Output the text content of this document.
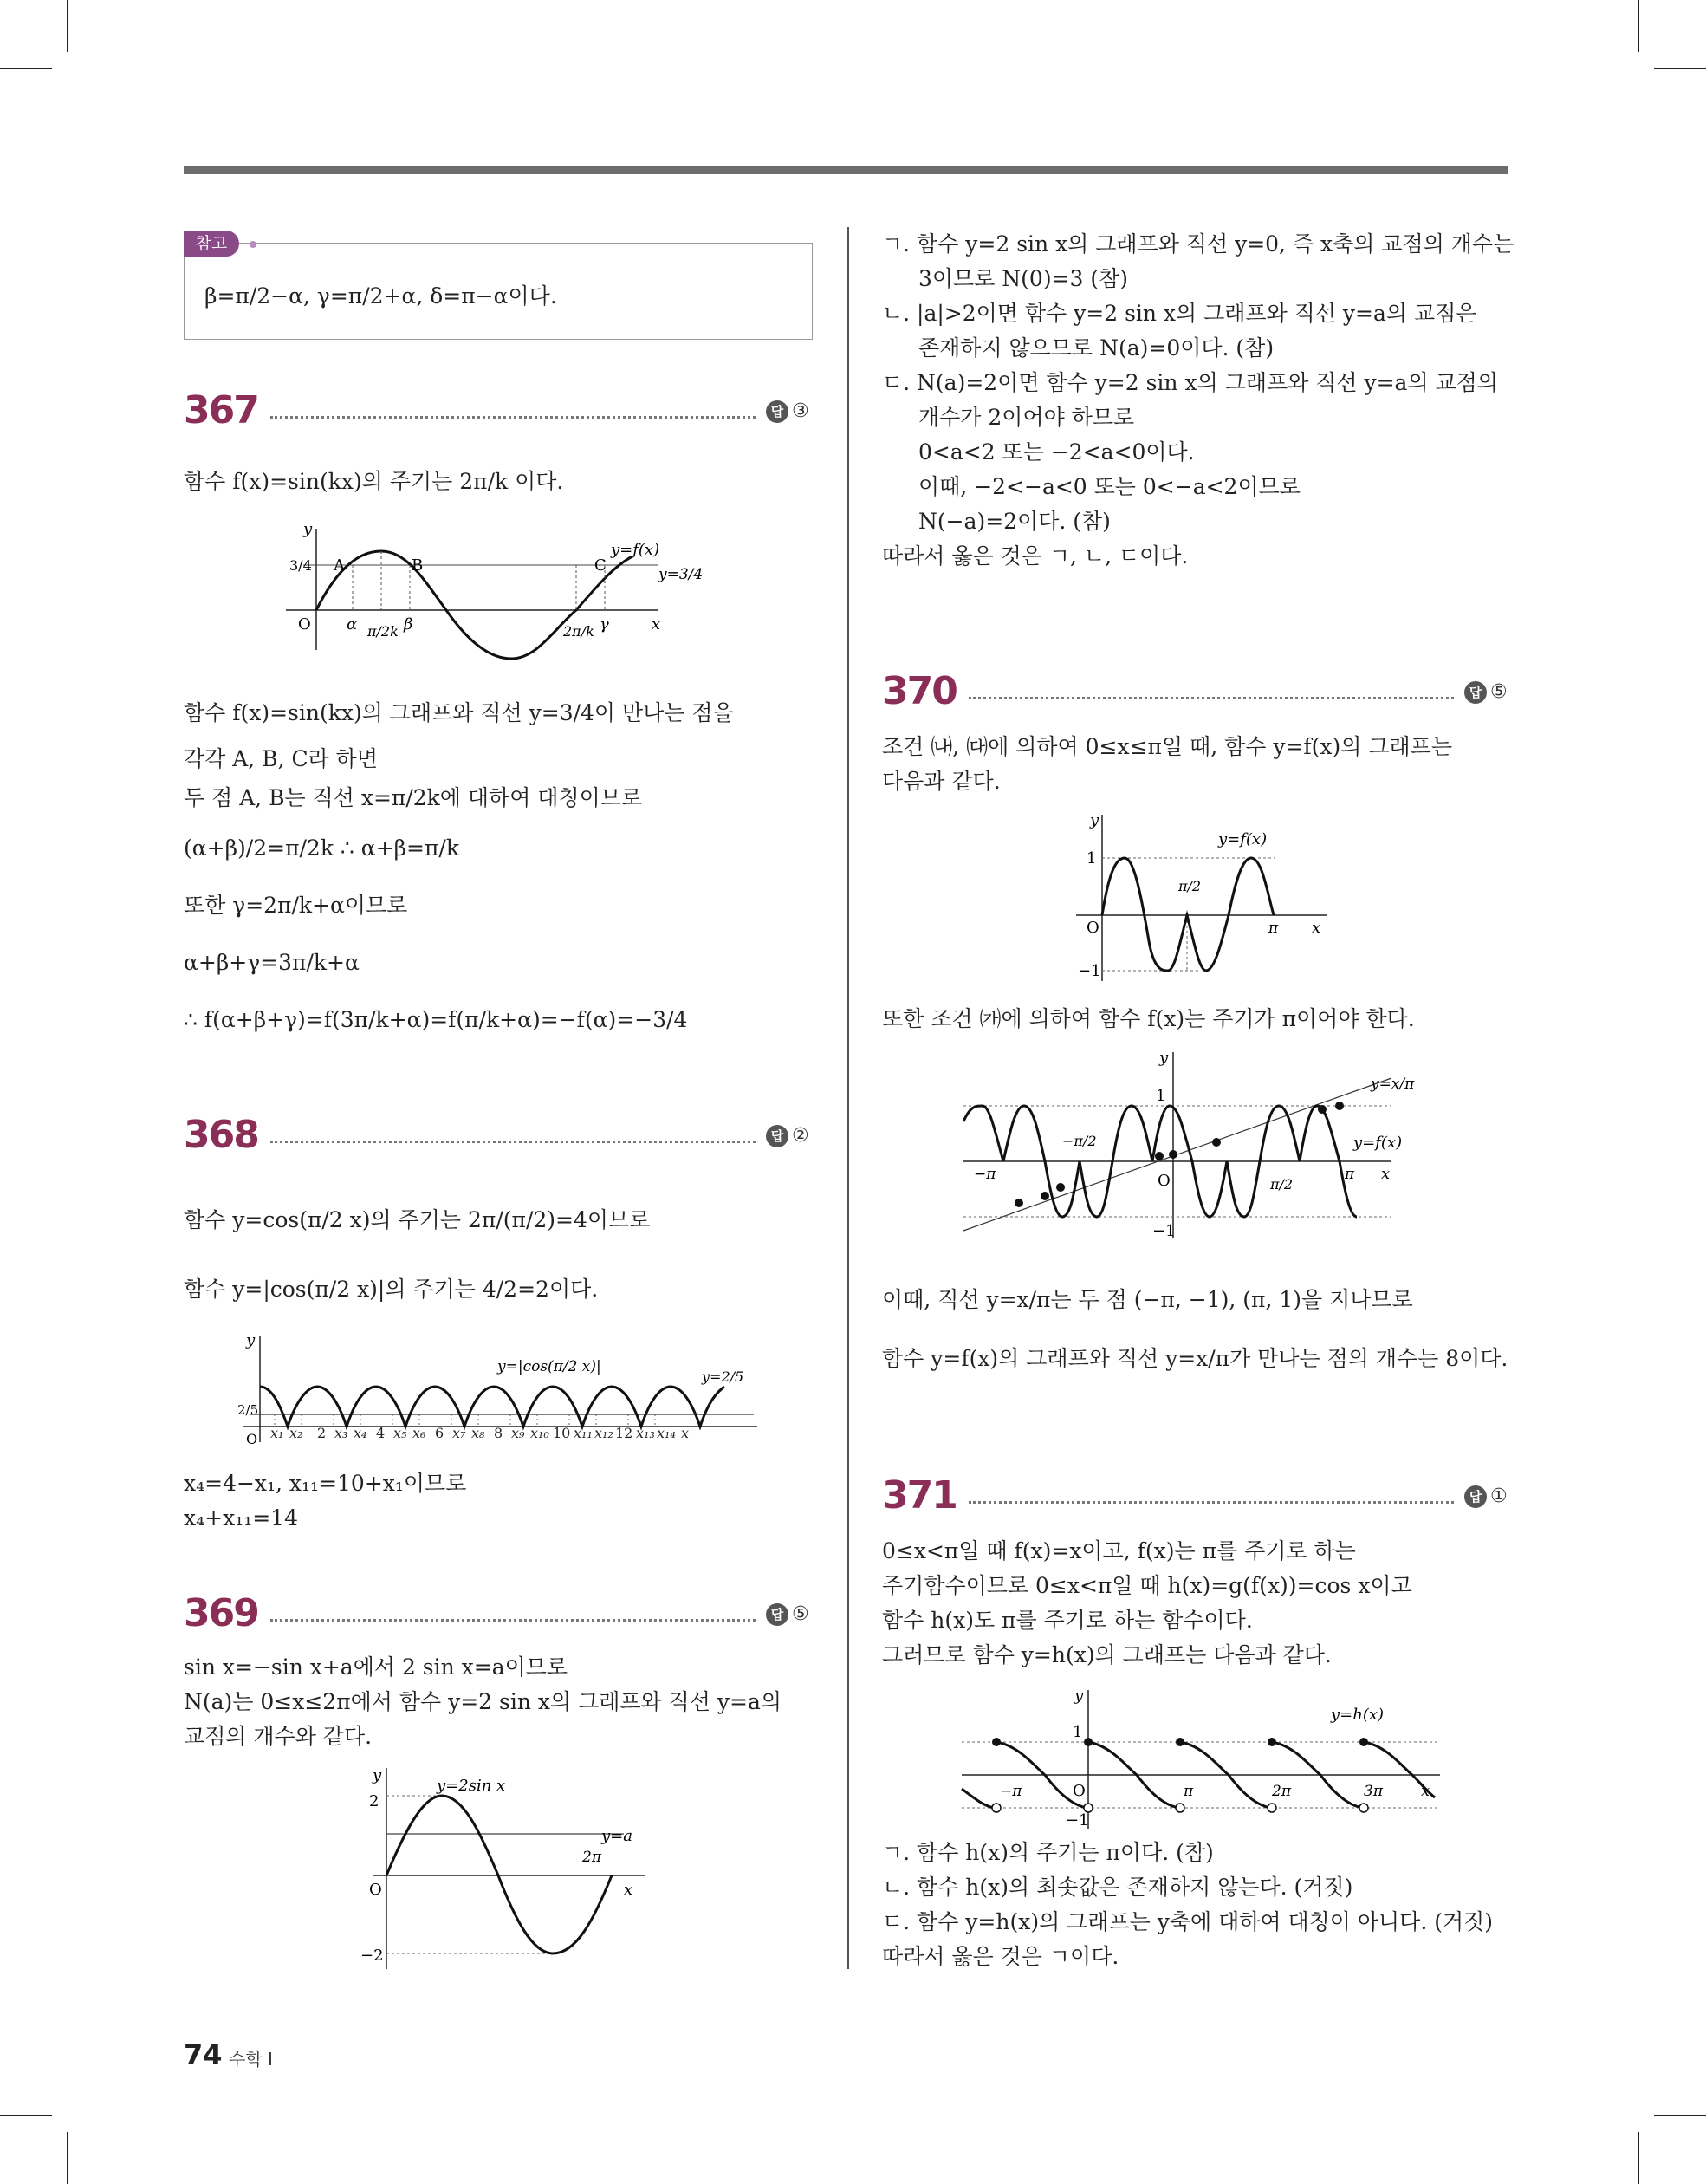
참고
β=π/2−α, γ=π/2+α, δ=π−α이다.
367	답 ③
함수 f(x)=sin(kx)의 주기는 2π/k 이다.
y
3/4 A	B	C
y=f(x)
y=3/4
O α π/2k β	2π/k γ	x
함수 f(x)=sin(kx)의 그래프와 직선 y=3/4이 만나는 점을
각각 A, B, C라 하면
두 점 A, B는 직선 x=π/2k에 대하여 대칭이므로
(α+β)/2=π/2k ∴ α+β=π/k
또한 γ=2π/k+α이므로
α+β+γ=3π/k+α
∴ f(α+β+γ)=f(3π/k+α)=f(π/k+α)=−f(α)=−3/4
368	답 ②
함수 y=cos(π/2 x)의 주기는 2π/(π/2)=4이므로
함수 y=|cos(π/2 x)|의 주기는 4/2=2이다.
y
2/5
y=|cos(π/2 x)|
y=2/5
O x₁ x₂ 2 x₃ x₄ 4 x₅ x₆ 6 x₇ x₈ 8 x₉ x₁₀ 10 x₁₁ x₁₂ 12 x₁₃ x₁₄ x
x₄=4−x₁, x₁₁=10+x₁이므로
x₄+x₁₁=14
369	답 ⑤
sin x=−sin x+a에서 2 sin x=a이므로
N(a)는 0≤x≤2π에서 함수 y=2 sin x의 그래프와 직선 y=a의
교점의 개수와 같다.
y
y=2sin x
2
y=a
2π
O	x
−2
ㄱ. 함수 y=2 sin x의 그래프와 직선 y=0, 즉 x축의 교점의 개수는
3이므로 N(0)=3 (참)
ㄴ. |a|>2이면 함수 y=2 sin x의 그래프와 직선 y=a의 교점은
존재하지 않으므로 N(a)=0이다. (참)
ㄷ. N(a)=2이면 함수 y=2 sin x의 그래프와 직선 y=a의 교점의
개수가 2이어야 하므로
0<a<2 또는 −2<a<0이다.
이때, −2<−a<0 또는 0<−a<2이므로
N(−a)=2이다. (참)
따라서 옳은 것은 ㄱ, ㄴ, ㄷ이다.
370	답 ⑤
조건 ㈏, ㈐에 의하여 0≤x≤π일 때, 함수 y=f(x)의 그래프는
다음과 같다.
y
y=f(x)
1
π/2
O	π x
−1
또한 조건 ㈎에 의하여 함수 f(x)는 주기가 π이어야 한다.
y
1
−π/2
y=x/π
y=f(x)
−π	O	π x
π/2
−1
이때, 직선 y=x/π는 두 점 (−π, −1), (π, 1)을 지나므로
함수 y=f(x)의 그래프와 직선 y=x/π가 만나는 점의 개수는 8이다.
371	답 ①
0≤x<π일 때 f(x)=x이고, f(x)는 π를 주기로 하는
주기함수이므로 0≤x<π일 때 h(x)=g(f(x))=cos x이고
함수 h(x)도 π를 주기로 하는 함수이다.
그러므로 함수 y=h(x)의 그래프는 다음과 같다.
y
y=h(x)
1
−π	O	π	2π	3π x
−1
ㄱ. 함수 h(x)의 주기는 π이다. (참)
ㄴ. 함수 h(x)의 최솟값은 존재하지 않는다. (거짓)
ㄷ. 함수 y=h(x)의 그래프는 y축에 대하여 대칭이 아니다. (거짓)
따라서 옳은 것은 ㄱ이다.
74 수학 I
